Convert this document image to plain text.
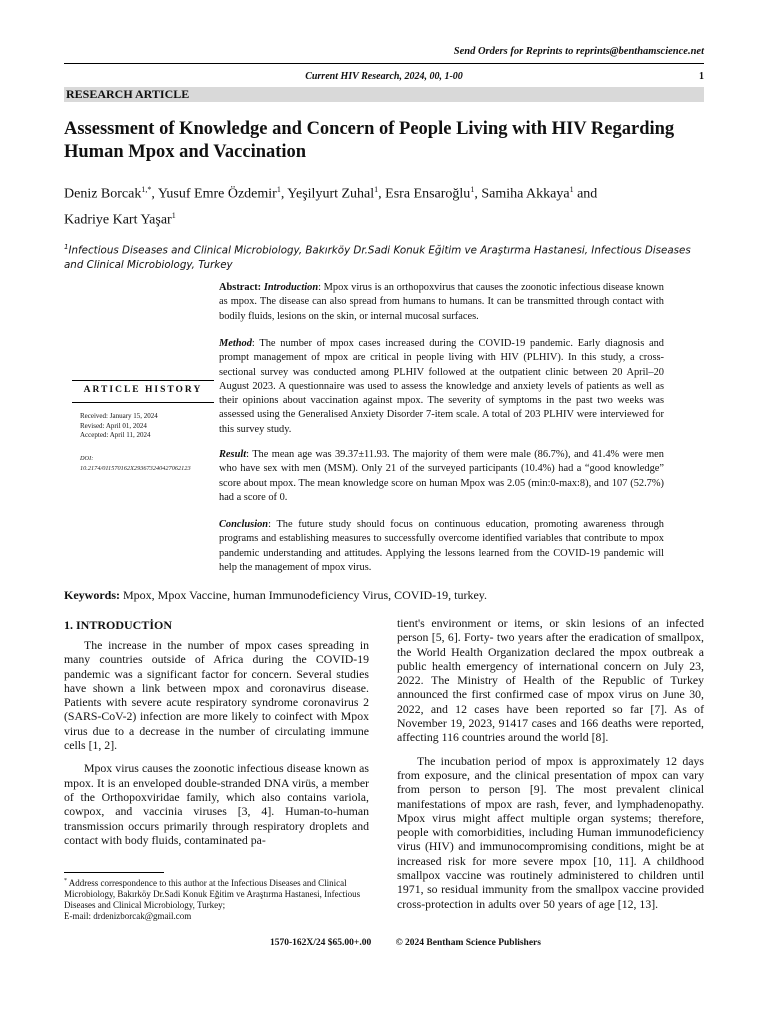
Send Orders for Reprints to reprints@benthamscience.net
Current HIV Research, 2024, 00, 1-00	1
RESEARCH ARTICLE
Assessment of Knowledge and Concern of People Living with HIV Regarding Human Mpox and Vaccination
Deniz Borcak$^{1,*}$, Yusuf Emre Özdemir$^1$, Yeşilyurt Zuhal$^1$, Esra Ensaroğlu$^1$, Samiha Akkaya$^1$ and
Kadriye Kart Yaşar$^1$
$^1$Infectious Diseases and Clinical Microbiology, Bakırköy Dr.Sadi Konuk Eğitim ve Araştırma Hastanesi, Infectious Diseases and Clinical Microbiology, Turkey
Abstract: Introduction: Mpox virus is an orthopoxvirus that causes the zoonotic infectious disease known as mpox. The disease can also spread from humans to humans. It can be transmitted through contact with bodily fluids, lesions on the skin, or internal mucosal surfaces.
Method: The number of mpox cases increased during the COVID-19 pandemic. Early diagnosis and prompt management of mpox are critical in people living with HIV (PLHIV). In this study, a cross-sectional survey was conducted among PLHIV followed at the outpatient clinic between 20 April–20 August 2023. A questionnaire was used to assess the knowledge and anxiety levels of patients as well as their opinions about vaccination against mpox. The severity of symptoms in the past two weeks was assessed using the Generalised Anxiety Disorder 7-item scale. A total of 203 PLHIV were interviewed for this survey study.
Result: The mean age was 39.37±11.93. The majority of them were male (86.7%), and 41.4% were men who have sex with men (MSM). Only 21 of the surveyed participants (10.4%) had a “good knowledge” score about mpox. The mean knowledge score on human Mpox was 2.05 (min:0-max:8), and 107 (52.7%) had a score of 0.
Conclusion: The future study should focus on continuous education, promoting awareness through programs and establishing measures to successfully overcome identified variables that contribute to mpox pandemic understanding and attitudes. Applying the lessons learned from the COVID-19 pandemic will help the management of mpox virus.
ARTICLE HISTORY
Received: January 15, 2024
Revised: April 01, 2024
Accepted: April 11, 2024
DOI:
10.2174/011570162X293673240427062123
Keywords: Mpox, Mpox Vaccine, human Immunodeficiency Virus, COVID-19, turkey.
1. INTRODUCTİON

The increase in the number of mpox cases spreading in many countries outside of Africa during the COVID-19 pandemic was a significant factor for concern. Several studies have shown a link between mpox and coronavirus disease. Patients with severe acute respiratory syndrome coronavirus 2 (SARS-CoV-2) infection are more likely to coinfect with Mpox virus due to a decrease in the number of circulating immune cells [1, 2].

Mpox virus causes the zoonotic infectious disease known as mpox. It is an enveloped double-stranded DNA virüs, a member of the Orthopoxviridae family, which also contains variola, cowpox, and vaccinia viruses [3, 4]. Human-to-human transmission occurs primarily through respiratory droplets and contact with body fluids, contaminated pa-

tient's environment or items, or skin lesions of an infected person [5, 6]. Forty- two years after the eradication of smallpox, the World Health Organization declared the mpox outbreak a public health emergency of international concern on July 23, 2022. The Ministry of Health of the Republic of Turkey announced the first confirmed case of mpox virus on June 30, 2022, and 12 cases have been reported so far [7]. As of November 19, 2023, 91417 cases and 166 deaths were reported, affecting 116 countries around the world [8].

The incubation period of mpox is approximately 12 days from exposure, and the clinical presentation of mpox can vary from person to person [9]. The most prevalent clinical manifestations of mpox are rash, fever, and lymphadenopathy. Mpox virus might affect multiple organ systems; therefore, people with comorbidities, including Human immunodeficiency virus (HIV) and immunocompromising conditions, might be at increased risk for more severe mpox [10, 11]. A childhood smallpox vaccine was routinely administered to children until 1971, so residual immunity from the smallpox vaccine provided cross-protection in adults over 50 years of age [12, 13].

* Address correspondence to this author at the Infectious Diseases and Clinical Microbiology, Bakırköy Dr.Sadi Konuk Eğitim ve Araştırma Hastanesi, Infectious Diseases and Clinical Microbiology, Turkey;
E-mail: drdenizborcak@gmail.com
1570-162X/24 $65.00+.00	© 2024 Bentham Science Publishers
